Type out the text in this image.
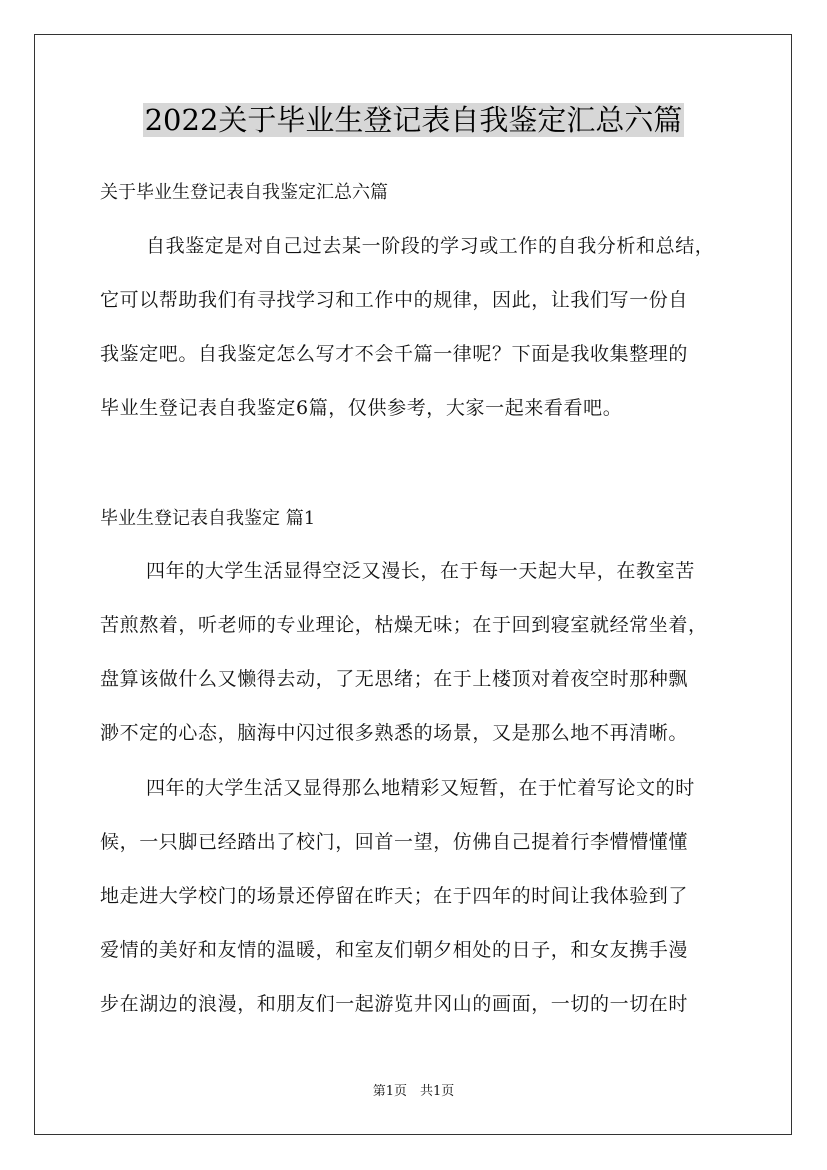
2022关于毕业生登记表自我鉴定汇总六篇
关于毕业生登记表自我鉴定汇总六篇
自我鉴定是对自己过去某一阶段的学习或工作的自我分析和总结，
它可以帮助我们有寻找学习和工作中的规律，因此，让我们写一份自
我鉴定吧。自我鉴定怎么写才不会千篇一律呢？下面是我收集整理的
毕业生登记表自我鉴定6篇，仅供参考，大家一起来看看吧。
毕业生登记表自我鉴定 篇1
四年的大学生活显得空泛又漫长，在于每一天起大早，在教室苦
苦煎熬着，听老师的专业理论，枯燥无味；在于回到寝室就经常坐着，
盘算该做什么又懒得去动，了无思绪；在于上楼顶对着夜空时那种飘
渺不定的心态，脑海中闪过很多熟悉的场景，又是那么地不再清晰。
四年的大学生活又显得那么地精彩又短暂，在于忙着写论文的时
候，一只脚已经踏出了校门，回首一望，仿佛自己提着行李懵懵懂懂
地走进大学校门的场景还停留在昨天；在于四年的时间让我体验到了
爱情的美好和友情的温暖，和室友们朝夕相处的日子，和女友携手漫
步在湖边的浪漫，和朋友们一起游览井冈山的画面，一切的一切在时
第1页　共1页
